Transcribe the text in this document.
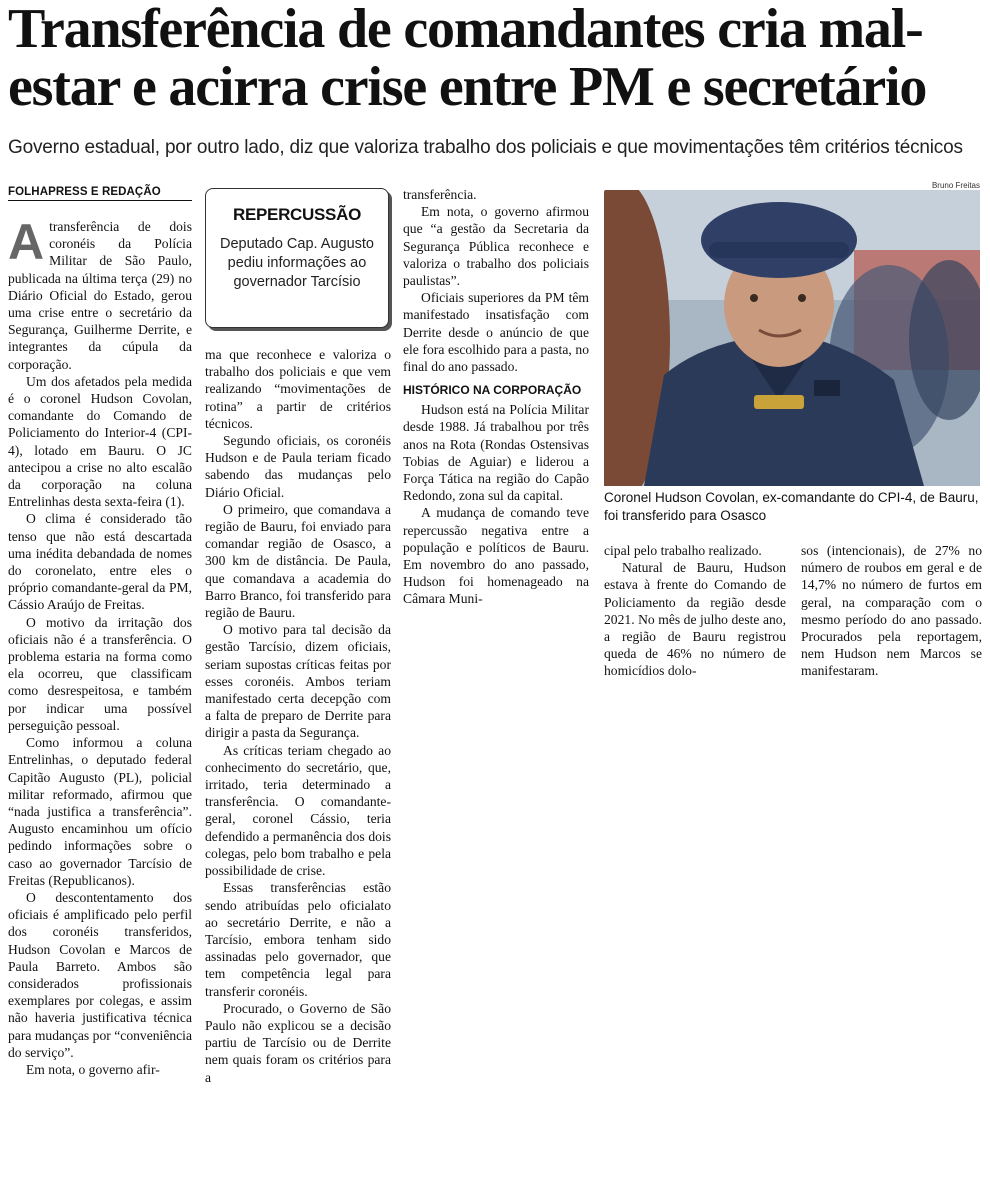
Transferência de comandantes cria mal-estar e acirra crise entre PM e secretário

Governo estadual, por outro lado, diz que valoriza trabalho dos policiais e que movimentações têm critérios técnicos

FOLHAPRESS E REDAÇÃO

Atransferência de dois coronéis da Polícia Militar de São Paulo, publicada na última terça (29) no Diário Oficial do Estado, gerou uma crise entre o secretário da Segurança, Guilherme Derrite, e integrantes da cúpula da corporação.

Um dos afetados pela medida é o coronel Hudson Covolan, comandante do Comando de Policiamento do Interior-4 (CPI-4), lotado em Bauru. O JC antecipou a crise no alto escalão da corporação na coluna Entrelinhas desta sexta-feira (1).

O clima é considerado tão tenso que não está descartada uma inédita debandada de nomes do coronelato, entre eles o próprio comandante-geral da PM, Cássio Araújo de Freitas.

O motivo da irritação dos oficiais não é a transferência. O problema estaria na forma como ela ocorreu, que classificam como desrespeitosa, e também por indicar uma possível perseguição pessoal.

Como informou a coluna Entrelinhas, o deputado federal Capitão Augusto (PL), policial militar reformado, afirmou que “nada justifica a transferência”. Augusto encaminhou um ofício pedindo informações sobre o caso ao governador Tarcísio de Freitas (Republicanos).

O descontentamento dos oficiais é amplificado pelo perfil dos coronéis transferidos, Hudson Covolan e Marcos de Paula Barreto. Ambos são considerados profissionais exemplares por colegas, e assim não haveria justificativa técnica para mudanças por “conveniência do serviço”.

Em nota, o governo afir-

REPERCUSSÃO
Deputado Cap. Augusto pediu informações ao governador Tarcísio

ma que reconhece e valoriza o trabalho dos policiais e que vem realizando “movimentações de rotina” a partir de critérios técnicos.

Segundo oficiais, os coronéis Hudson e de Paula teriam ficado sabendo das mudanças pelo Diário Oficial.

O primeiro, que comandava a região de Bauru, foi enviado para comandar região de Osasco, a 300 km de distância. De Paula, que comandava a academia do Barro Branco, foi transferido para região de Bauru.

O motivo para tal decisão da gestão Tarcísio, dizem oficiais, seriam supostas críticas feitas por esses coronéis. Ambos teriam manifestado certa decepção com a falta de preparo de Derrite para dirigir a pasta da Segurança.

As críticas teriam chegado ao conhecimento do secretário, que, irritado, teria determinado a transferência. O comandante-geral, coronel Cássio, teria defendido a permanência dos dois colegas, pelo bom trabalho e pela possibilidade de crise.

Essas transferências estão sendo atribuídas pelo oficialato ao secretário Derrite, e não a Tarcísio, embora tenham sido assinadas pelo governador, que tem competência legal para transferir coronéis.

Procurado, o Governo de São Paulo não explicou se a decisão partiu de Tarcísio ou de Derrite nem quais foram os critérios para a

transferência.

Em nota, o governo afirmou que “a gestão da Secretaria da Segurança Pública reconhece e valoriza o trabalho dos policiais paulistas”.

Oficiais superiores da PM têm manifestado insatisfação com Derrite desde o anúncio de que ele fora escolhido para a pasta, no final do ano passado.

HISTÓRICO NA CORPORAÇÃO

Hudson está na Polícia Militar desde 1988. Já trabalhou por três anos na Rota (Rondas Ostensivas Tobias de Aguiar) e liderou a Força Tática na região do Capão Redondo, zona sul da capital.

A mudança de comando teve repercussão negativa entre a população e políticos de Bauru. Em novembro do ano passado, Hudson foi homenageado na Câmara Muni-

Bruno Freitas
Coronel Hudson Covolan, ex-comandante do CPI-4, de Bauru, foi transferido para Osasco

cipal pelo trabalho realizado.

Natural de Bauru, Hudson estava à frente do Comando de Policiamento da região desde 2021. No mês de julho deste ano, a região de Bauru registrou queda de 46% no número de homicídios dolo-

sos (intencionais), de 27% no número de roubos em geral e de 14,7% no número de furtos em geral, na comparação com o mesmo período do ano passado. Procurados pela reportagem, nem Hudson nem Marcos se manifestaram.
